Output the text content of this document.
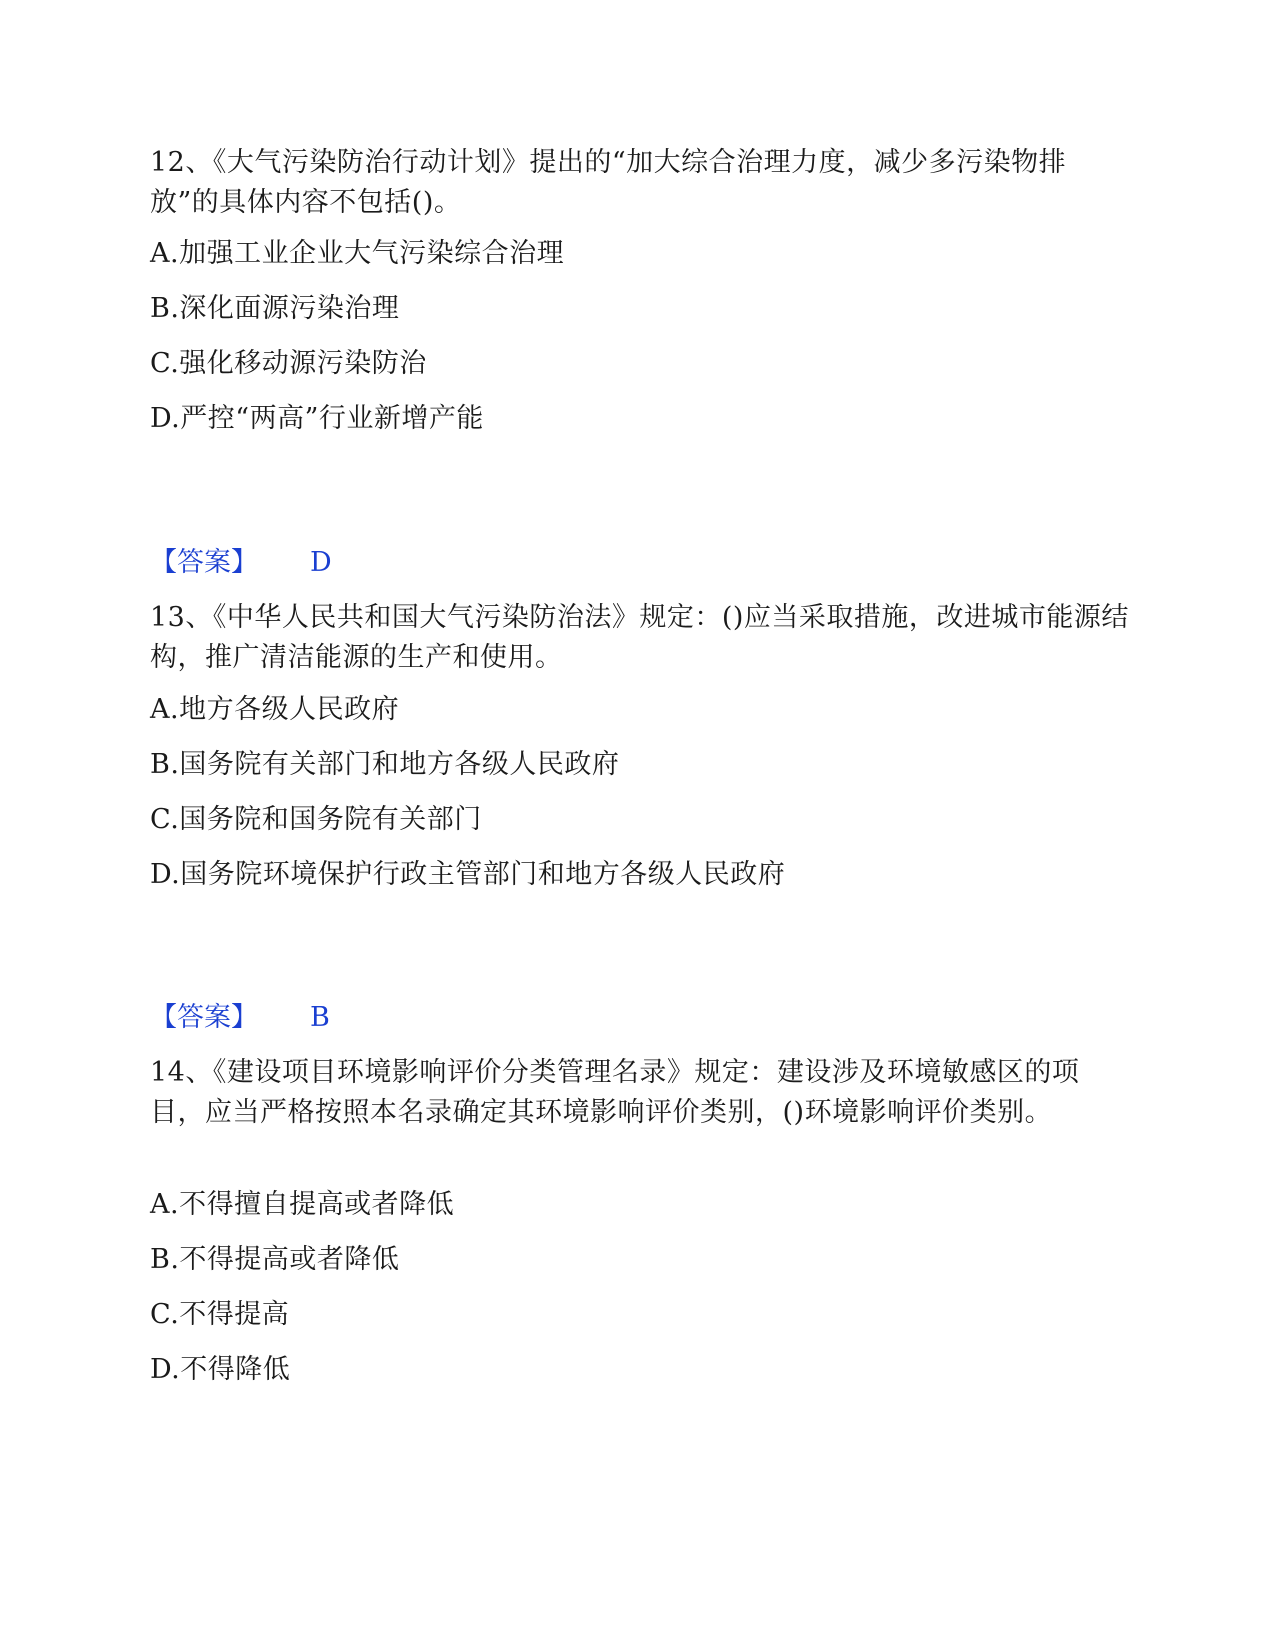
12、《大气污染防治行动计划》提出的“加大综合治理力度，减少多污染物排放”的具体内容不包括()。

A.加强工业企业大气污染综合治理
B.深化面源污染治理
C.强化移动源污染防治
D.严控“两高”行业新增产能
【答案】 D

13、《中华人民共和国大气污染防治法》规定：()应当采取措施，改进城市能源结构，推广清洁能源的生产和使用。

A.地方各级人民政府
B.国务院有关部门和地方各级人民政府
C.国务院和国务院有关部门
D.国务院环境保护行政主管部门和地方各级人民政府
【答案】 B

14、《建设项目环境影响评价分类管理名录》规定：建设涉及环境敏感区的项目，应当严格按照本名录确定其环境影响评价类别，()环境影响评价类别。

A.不得擅自提高或者降低
B.不得提高或者降低
C.不得提高
D.不得降低
